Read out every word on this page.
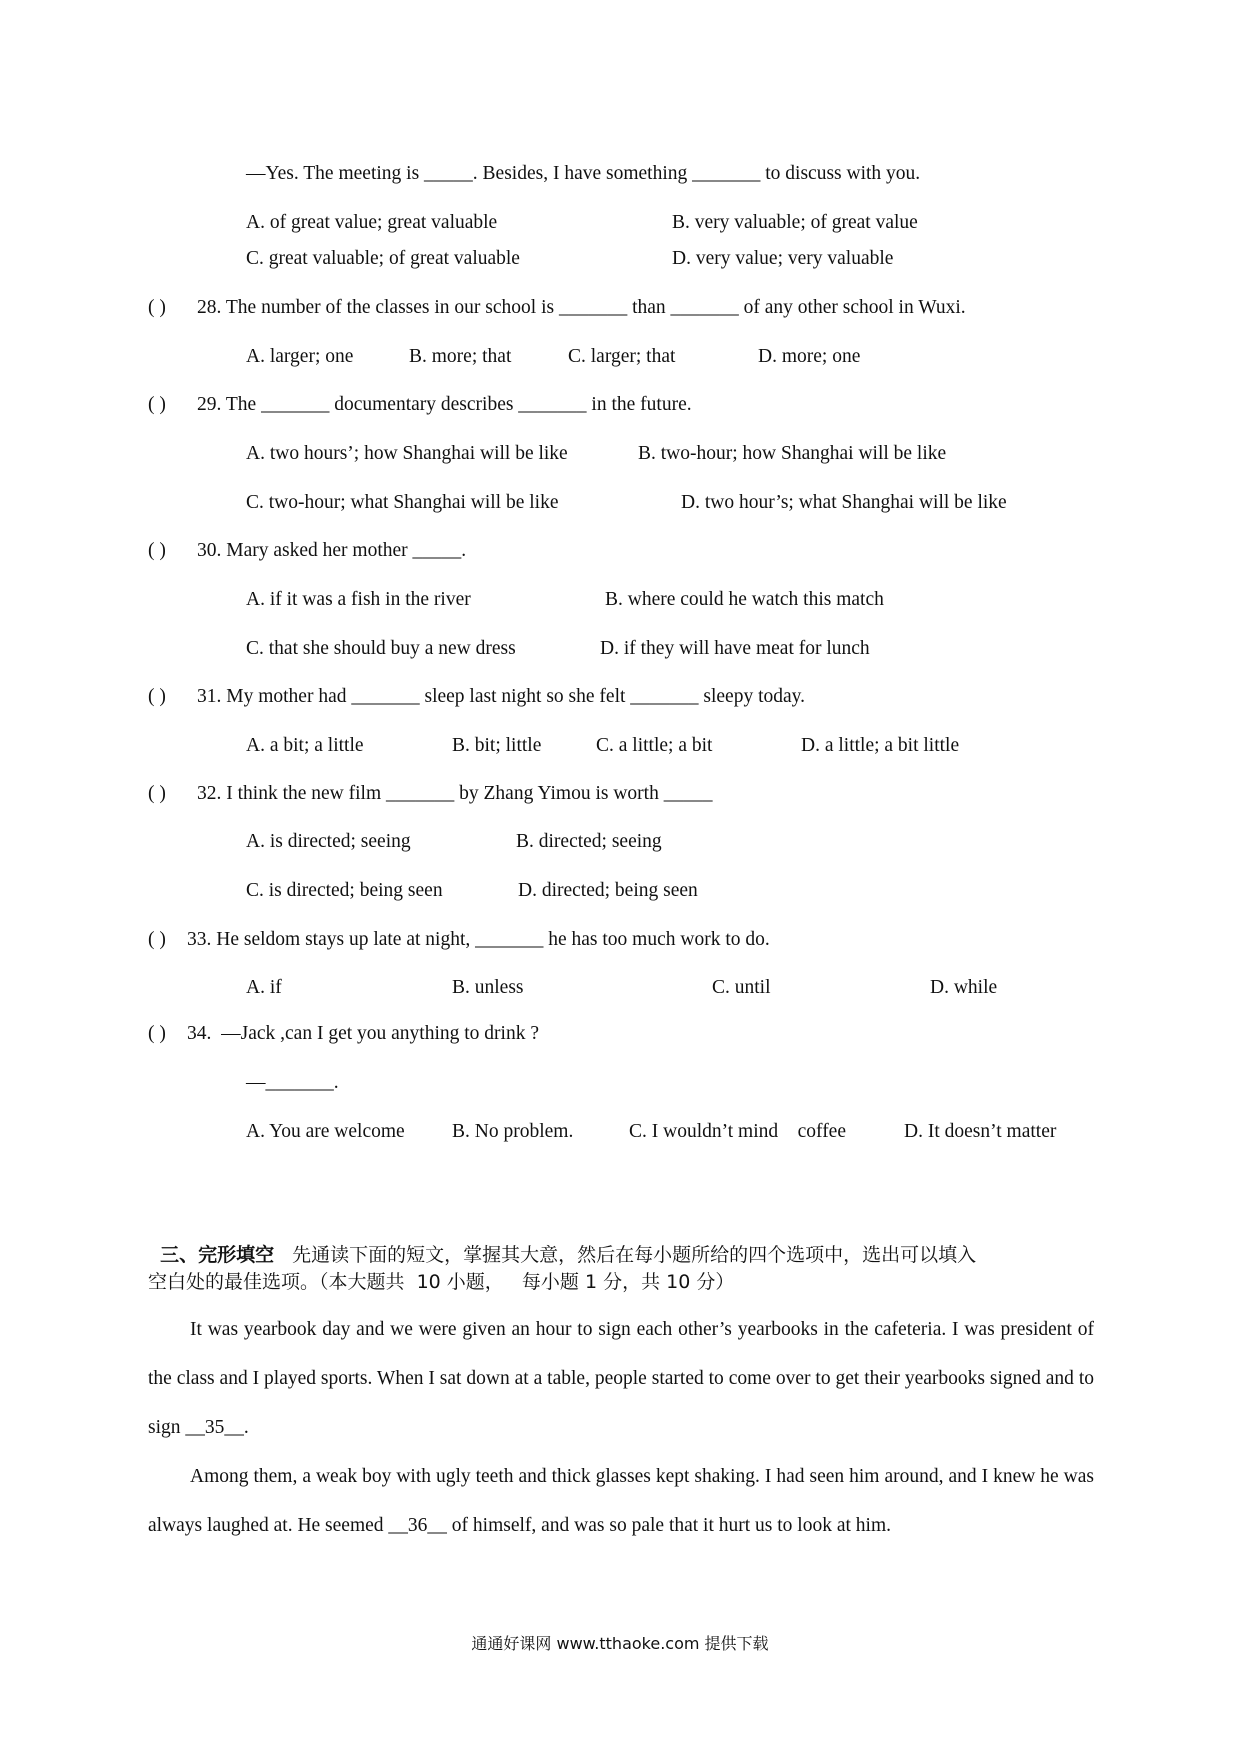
—Yes. The meeting is _____. Besides, I have something _______ to discuss with you.
A. of great value; great valuable	B. very valuable; of great value
C. great valuable; of great valuable	D. very value; very valuable
( ) 28. The number of the classes in our school is _______ than _______ of any other school in Wuxi.
A. larger; one	B. more; that	C. larger; that	D. more; one
( ) 29. The _______ documentary describes _______ in the future.
A. two hours’; how Shanghai will be like	B. two-hour; how Shanghai will be like
C. two-hour; what Shanghai will be like	D. two hour’s; what Shanghai will be like
( ) 30. Mary asked her mother _____.
A. if it was a fish in the river	B. where could he watch this match
C. that she should buy a new dress	D. if they will have meat for lunch
( ) 31. My mother had _______ sleep last night so she felt _______ sleepy today.
A. a bit; a little	B. bit; little	C. a little; a bit	D. a little; a bit little
( ) 32. I think the new film _______ by Zhang Yimou is worth _____
A. is directed; seeing	B. directed; seeing
C. is directed; being seen	D. directed; being seen
( ) 33. He seldom stays up late at night, _______ he has too much work to do.
A. if	B. unless	C. until	D. while
( ) 34.  —Jack ,can I get you anything to drink ?
—_______.
A. You are welcome B. No problem.	C. I wouldn’t mind    coffee	D. It doesn’t matter

三、完形填空 先通读下面的短文，掌握其大意，然后在每小题所给的四个选项中，选出可以填入

空白处的最佳选项。（本大题共  10 小题，   每小题 1 分，共 10 分）
It was yearbook day and we were given an hour to sign each other’s yearbooks in the cafeteria. I was president of the class and I played sports. When I sat down at a table, people started to come over to get their yearbooks signed and to sign __35__.
Among them, a weak boy with ugly teeth and thick glasses kept shaking. I had seen him around, and I knew he was always laughed at. He seemed __36__ of himself, and was so pale that it hurt us to look at him.
通通好课网 www.tthaoke.com 提供下载
